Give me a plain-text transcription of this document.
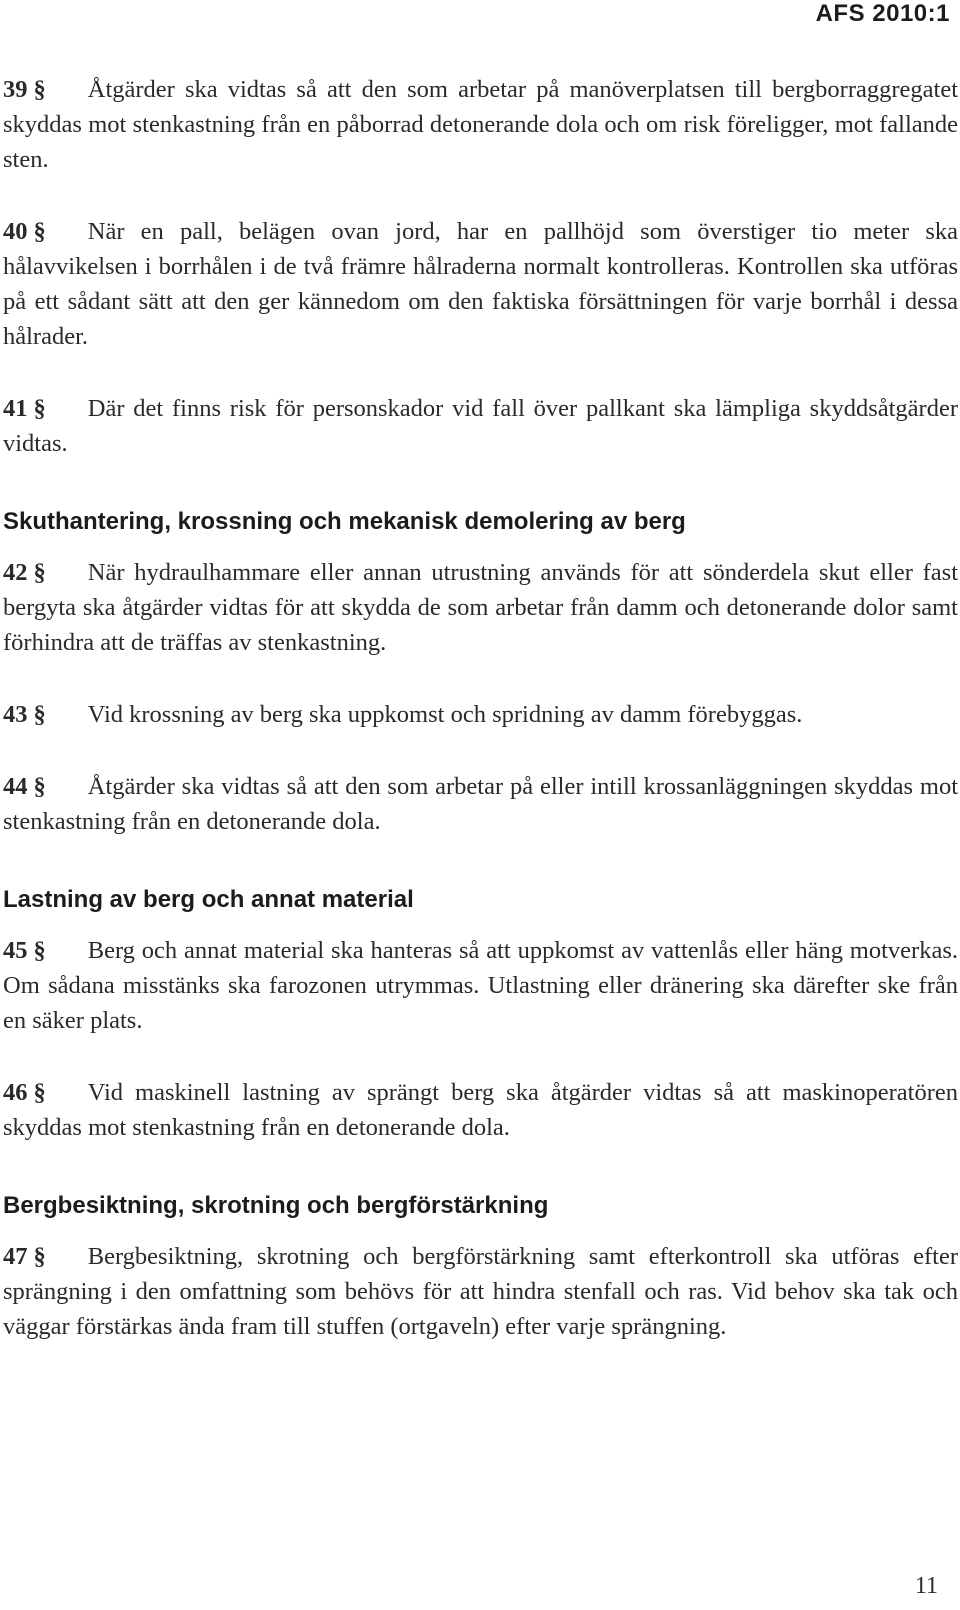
AFS 2010:1

39 § Åtgärder ska vidtas så att den som arbetar på manöverplatsen till bergborraggregatet skyddas mot stenkastning från en påborrad detonerande dola och om risk föreligger, mot fallande sten.

40 § När en pall, belägen ovan jord, har en pallhöjd som överstiger tio meter ska hålavvikelsen i borrhålen i de två främre hålraderna normalt kontrolleras. Kontrollen ska utföras på ett sådant sätt att den ger kännedom om den faktiska försättningen för varje borrhål i dessa hålrader.

41 § Där det finns risk för personskador vid fall över pallkant ska lämpliga skyddsåtgärder vidtas.

Skuthantering, krossning och mekanisk demolering av berg

42 § När hydraulhammare eller annan utrustning används för att sönderdela skut eller fast bergyta ska åtgärder vidtas för att skydda de som arbetar från damm och detonerande dolor samt förhindra att de träffas av stenkastning.

43 § Vid krossning av berg ska uppkomst och spridning av damm förebyggas.

44 § Åtgärder ska vidtas så att den som arbetar på eller intill krossanläggningen skyddas mot stenkastning från en detonerande dola.

Lastning av berg och annat material

45 § Berg och annat material ska hanteras så att uppkomst av vattenlås eller häng motverkas. Om sådana misstänks ska farozonen utrymmas. Utlastning eller dränering ska därefter ske från en säker plats.

46 § Vid maskinell lastning av sprängt berg ska åtgärder vidtas så att maskinoperatören skyddas mot stenkastning från en detonerande dola.

Bergbesiktning, skrotning och bergförstärkning

47 § Bergbesiktning, skrotning och bergförstärkning samt efterkontroll ska utföras efter sprängning i den omfattning som behövs för att hindra stenfall och ras. Vid behov ska tak och väggar förstärkas ända fram till stuffen (ortgaveln) efter varje sprängning.

11
